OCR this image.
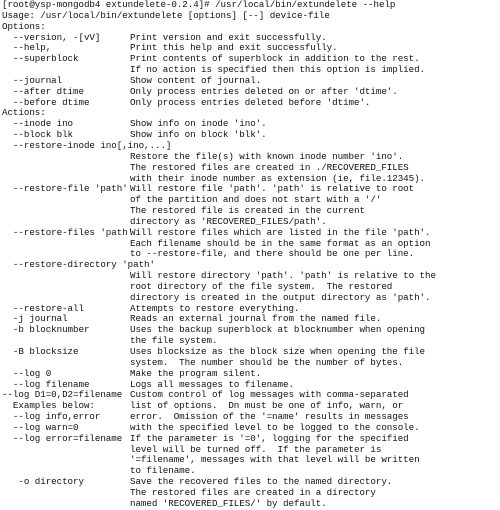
[root@ysp-mongodb4 extundelete-0.2.4]# /usr/local/bin/extundelete --help
Usage: /usr/local/bin/extundelete [options] [--] device-file
Options:
--version, -[vV]	Print version and exit successfully.
--help,	Print this help and exit successfully.
--superblock	Print contents of superblock in addition to the rest.
If no action is specified then this option is implied.
--journal	Show content of journal.
--after dtime	Only process entries deleted on or after 'dtime'.
--before dtime	Only process entries deleted before 'dtime'.
Actions:
--inode ino	Show info on inode 'ino'.
--block blk	Show info on block 'blk'.
--restore-inode ino[,ino,...]
Restore the file(s) with known inode number 'ino'.
The restored files are created in ./RECOVERED_FILES
with their inode number as extension (ie, file.12345).
--restore-file 'path' Will restore file 'path'. 'path' is relative to root
of the partition and does not start with a '/'
The restored file is created in the current
directory as 'RECOVERED_FILES/path'.
--restore-files 'path'
Will restore files which are listed in the file 'path'.
Each filename should be in the same format as an option
to --restore-file, and there should be one per line.
--restore-directory 'path'
Will restore directory 'path'. 'path' is relative to the
root directory of the file system.  The restored
directory is created in the output directory as 'path'.
--restore-all	Attempts to restore everything.
-j journal	Reads an external journal from the named file.
-b blocknumber	Uses the backup superblock at blocknumber when opening
the file system.
-B blocksize	Uses blocksize as the block size when opening the file
system.  The number should be the number of bytes.
--log 0	Make the program silent.
--log filename	Logs all messages to filename.
--log D1=0,D2=filename Custom control of log messages with comma-separated
Examples below:	list of options.  Dn must be one of info, warn, or
--log info,error	error.  Omission of the '=name' results in messages
--log warn=0	with the specified level to be logged to the console.
--log error=filename If the parameter is '=0', logging for the specified
level will be turned off.  If the parameter is
'=filename', messages with that level will be written
to filename.
-o directory	Save the recovered files to the named directory.
The restored files are created in a directory
named 'RECOVERED_FILES/' by default.
